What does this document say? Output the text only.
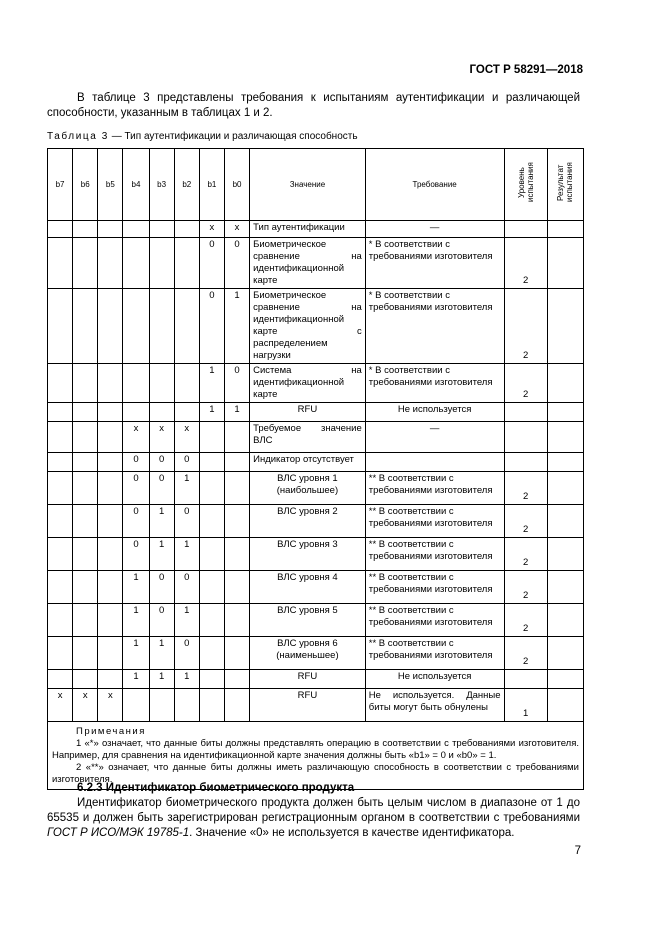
ГОСТ Р 58291—2018
В таблице 3 представлены требования к испытаниям аутентификации и различающей способности, указанным в таблицах 1 и 2.
Таблица 3 — Тип аутентификации и различающая способность
b7	b6	b5	b4	b3	b2	b1	b0	Значение	Требование	Уровень испытания	Результат испытания
						x	x	Тип аутентификации	—		
						0	0	Биометрическое сравнение на идентификационной карте	* В соответствии с требованиями изготовителя	2	
						0	1	Биометрическое сравнение на идентификационной карте с распределением нагрузки	* В соответствии с требованиями изготовителя	2	
						1	0	Система на идентификационной карте	* В соответствии с требованиями изготовителя	2	
						1	1	RFU	Не используется		
			x	x	x			Требуемое значение ВЛС	—		
			0	0	0			Индикатор отсутствует			
			0	0	1			ВЛС уровня 1 (наибольшее)	** В соответствии с требованиями изготовителя	2	
			0	1	0			ВЛС уровня 2	** В соответствии с требованиями изготовителя	2	
			0	1	1			ВЛС уровня 3	** В соответствии с требованиями изготовителя	2	
			1	0	0			ВЛС уровня 4	** В соответствии с требованиями изготовителя	2	
			1	0	1			ВЛС уровня 5	** В соответствии с требованиями изготовителя	2	
			1	1	0			ВЛС уровня 6 (наименьшее)	** В соответствии с требованиями изготовителя	2	
			1	1	1			RFU	Не используется		
x	x	x						RFU	Не используется. Данные биты могут быть обнулены	1	

Примечания
1 «*» означает, что данные биты должны представлять операцию в соответствии с требованиями изготовителя. Например, для сравнения на идентификационной карте значения должны быть «b1» = 0 и «b0» = 1.
2 «**» означает, что данные биты должны иметь различающую способность в соответствии с требованиями изготовителя.											
6.2.3 Идентификатор биометрического продукта
Идентификатор биометрического продукта должен быть целым числом в диапазоне от 1 до 65535 и должен быть зарегистрирован регистрационным органом в соответствии с требованиями ГОСТ Р ИСО/МЭК 19785-1. Значение «0» не используется в качестве идентификатора.
7
